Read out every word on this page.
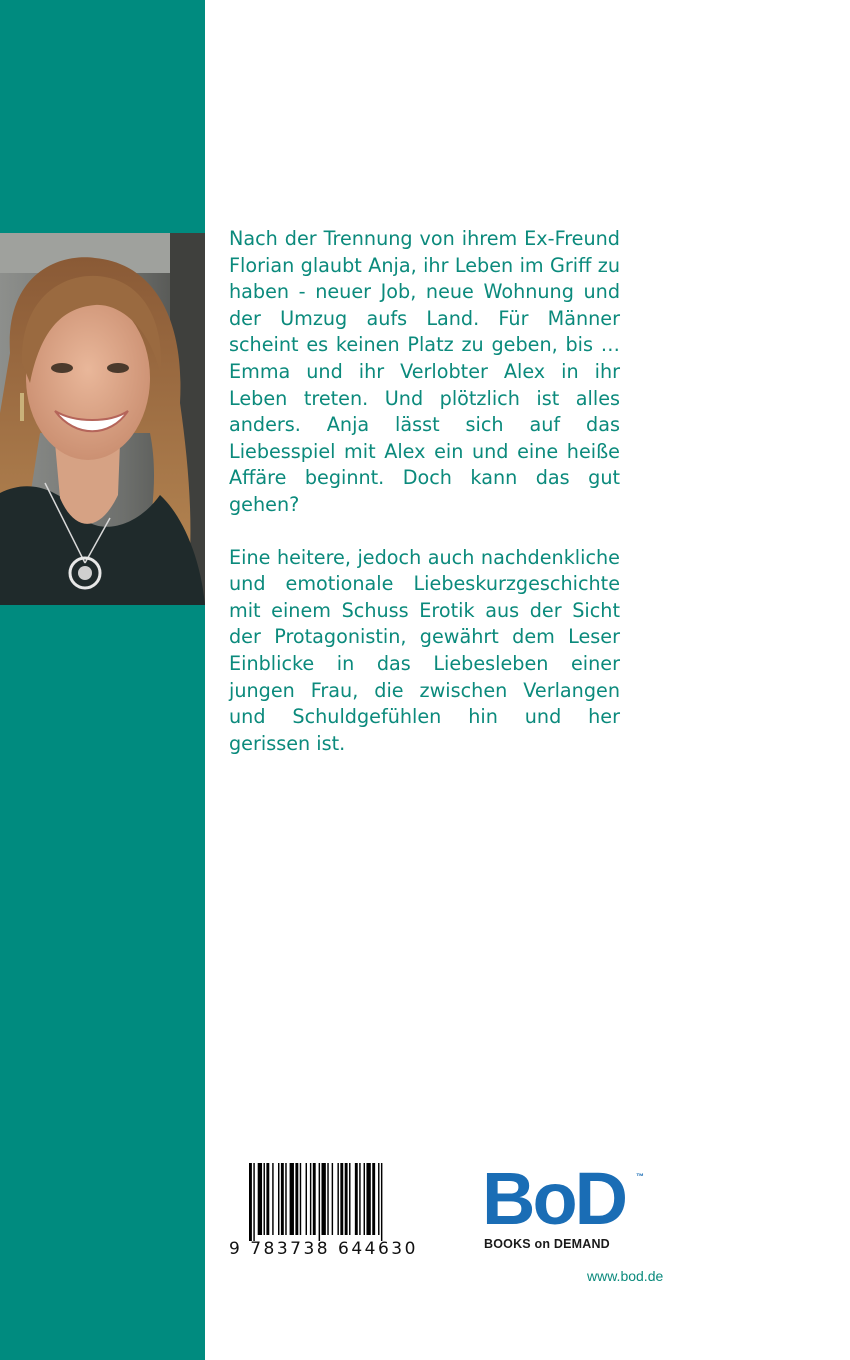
Nach der Trennung von ihrem Ex-Freund Florian glaubt Anja, ihr Leben im Griff zu haben - neuer Job, neue Wohnung und der Umzug aufs Land. Für Männer scheint es keinen Platz zu geben, bis … Emma und ihr Verlobter Alex in ihr Leben treten. Und plötzlich ist alles anders. Anja lässt sich auf das Liebesspiel mit Alex ein und eine heiße Affäre beginnt. Doch kann das gut gehen?

Eine heitere, jedoch auch nachdenkliche und emotionale Liebeskurzgeschichte mit einem Schuss Erotik aus der Sicht der Protagonistin, gewährt dem Leser Einblicke in das Liebesleben einer jungen Frau, die zwischen Verlangen und Schuldgefühlen hin und her gerissen ist.

9 783738 644630
BoD ™
BOOKS on DEMAND
www.bod.de
